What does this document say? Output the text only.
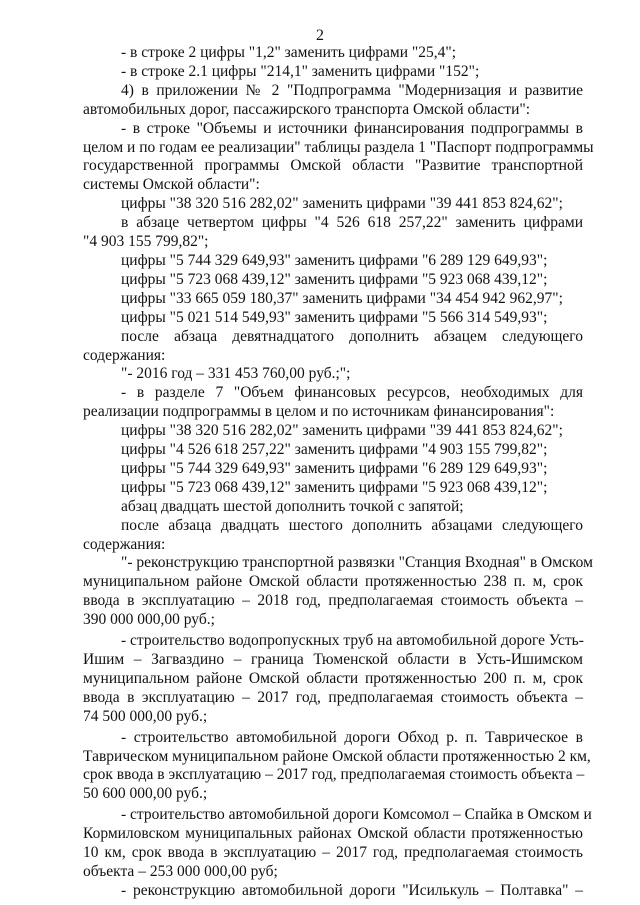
2
- в строке 2 цифры "1,2" заменить цифрами "25,4";
- в строке 2.1 цифры "214,1" заменить цифрами "152";
4) в приложении № 2 "Подпрограмма "Модернизация и развитие
автомобильных дорог, пассажирского транспорта Омской области":
- в строке "Объемы и источники финансирования подпрограммы в
целом и по годам ее реализации" таблицы раздела 1 "Паспорт подпрограммы
государственной программы Омской области "Развитие транспортной
системы Омской области":
цифры "38 320 516 282,02" заменить цифрами "39 441 853 824,62";
в абзаце четвертом цифры "4 526 618 257,22" заменить цифрами
"4 903 155 799,82";
цифры "5 744 329 649,93" заменить цифрами "6 289 129 649,93";
цифры "5 723 068 439,12" заменить цифрами "5 923 068 439,12";
цифры "33 665 059 180,37" заменить цифрами "34 454 942 962,97";
цифры "5 021 514 549,93" заменить цифрами "5 566 314 549,93";
после абзаца девятнадцатого дополнить абзацем следующего
содержания:
"- 2016 год – 331 453 760,00 руб.;";
- в разделе 7 "Объем финансовых ресурсов, необходимых для
реализации подпрограммы в целом и по источникам финансирования":
цифры "38 320 516 282,02" заменить цифрами "39 441 853 824,62";
цифры "4 526 618 257,22" заменить цифрами "4 903 155 799,82";
цифры "5 744 329 649,93" заменить цифрами "6 289 129 649,93";
цифры "5 723 068 439,12" заменить цифрами "5 923 068 439,12";
абзац двадцать шестой дополнить точкой с запятой;
после абзаца двадцать шестого дополнить абзацами следующего
содержания:
"- реконструкцию транспортной развязки "Станция Входная" в Омском
муниципальном районе Омской области протяженностью 238 п. м, срок
ввода в эксплуатацию – 2018 год, предполагаемая стоимость объекта –
390 000 000,00 руб.;
- строительство водопропускных труб на автомобильной дороге Усть-
Ишим – Загваздино – граница Тюменской области в Усть-Ишимском
муниципальном районе Омской области протяженностью 200 п. м, срок
ввода в эксплуатацию – 2017 год, предполагаемая стоимость объекта –
74 500 000,00 руб.;
- строительство автомобильной дороги Обход р. п. Таврическое в
Таврическом муниципальном районе Омской области протяженностью 2 км,
срок ввода в эксплуатацию – 2017 год, предполагаемая стоимость объекта –
50 600 000,00 руб.;
- строительство автомобильной дороги Комсомол – Спайка в Омском и
Кормиловском муниципальных районах Омской области протяженностью
10 км, срок ввода в эксплуатацию – 2017 год, предполагаемая стоимость
объекта – 253 000 000,00 руб;
- реконструкцию автомобильной дороги "Исилькуль – Полтавка" –
